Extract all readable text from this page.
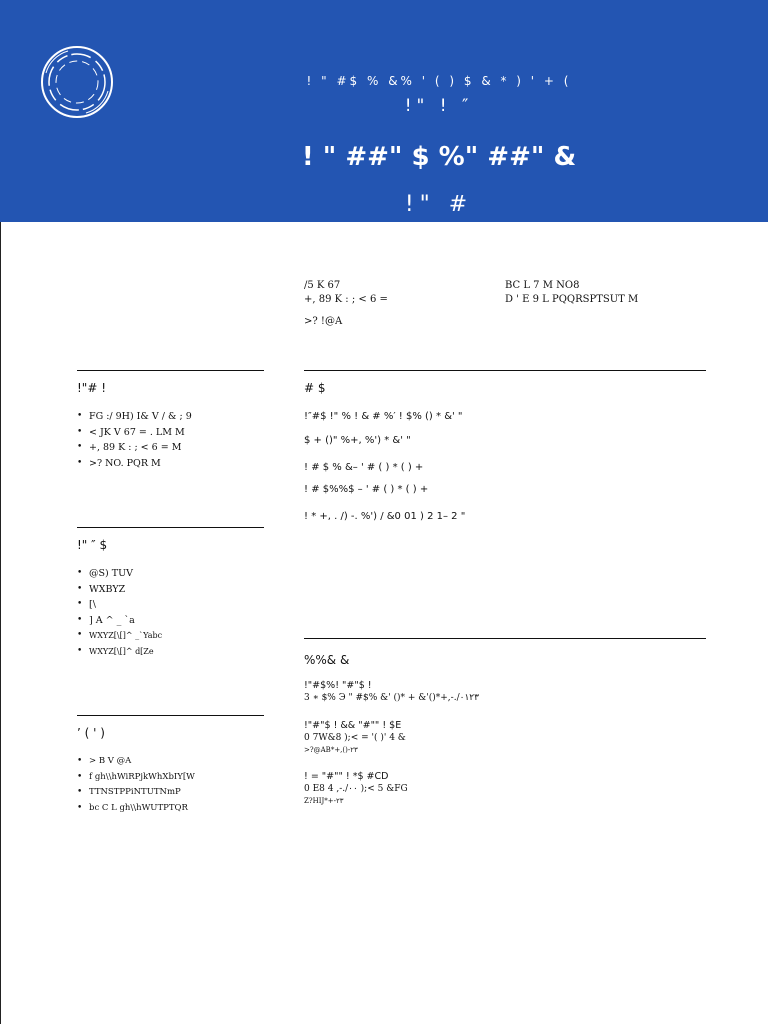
! " #$ % &% ' ( ) $ & * ) ' + (
!" ! ″
! " ##" $ %" ##" &
!" #
/5 K 67
+, 89 K : ; < 6 =
>? !@A
BC L 7 M NO8
D ' E 9 L PQQRSPTSUT M
!"# !
• FG :/ 9H) I& V / & ; 9
• < JK V 67 = . LM M
• +, 89 K : ; < 6 = M
• >? NO. PQR M
!" ″ $
• @S) TUV
• WXBYZ
• [\
• ] A ^ _ `a
• WXYZ[\[]^ _`Yabc
• WXYZ[\[]^ d[Ze
’ ( ' )
• > B V @A
• f gh\\hWiRPjkWhXbIY[W
• TTNSTPPiNTUTNmP
• bc C L gh\\hWUTPTQR
# $
!″#$ !" % ! & # %′ ! $% () * &' "
$ + ()" %+, %') * &' "
! # $ % &– ' # ( ) * ( ) +
! # $%%$ – ' # ( ) * ( ) +
! * +, . /) -. %') / &0 01 ) 2 1– 2 "
%%& &
!"#$%! "#"$ !
3 ∗ $% Э " #$% &' ()* + &'()*+,-./٠١٢٣
!"#"$ ! && "#"" ! $E
0 7W&8 );< = '( )' 4 &
>?@AB*+,()-٢٣
! = "#"" ! *$ #CD
0 E8 4 ,-./٠٠ );< 5 &FG
Z?HIJ*+-٢٣
